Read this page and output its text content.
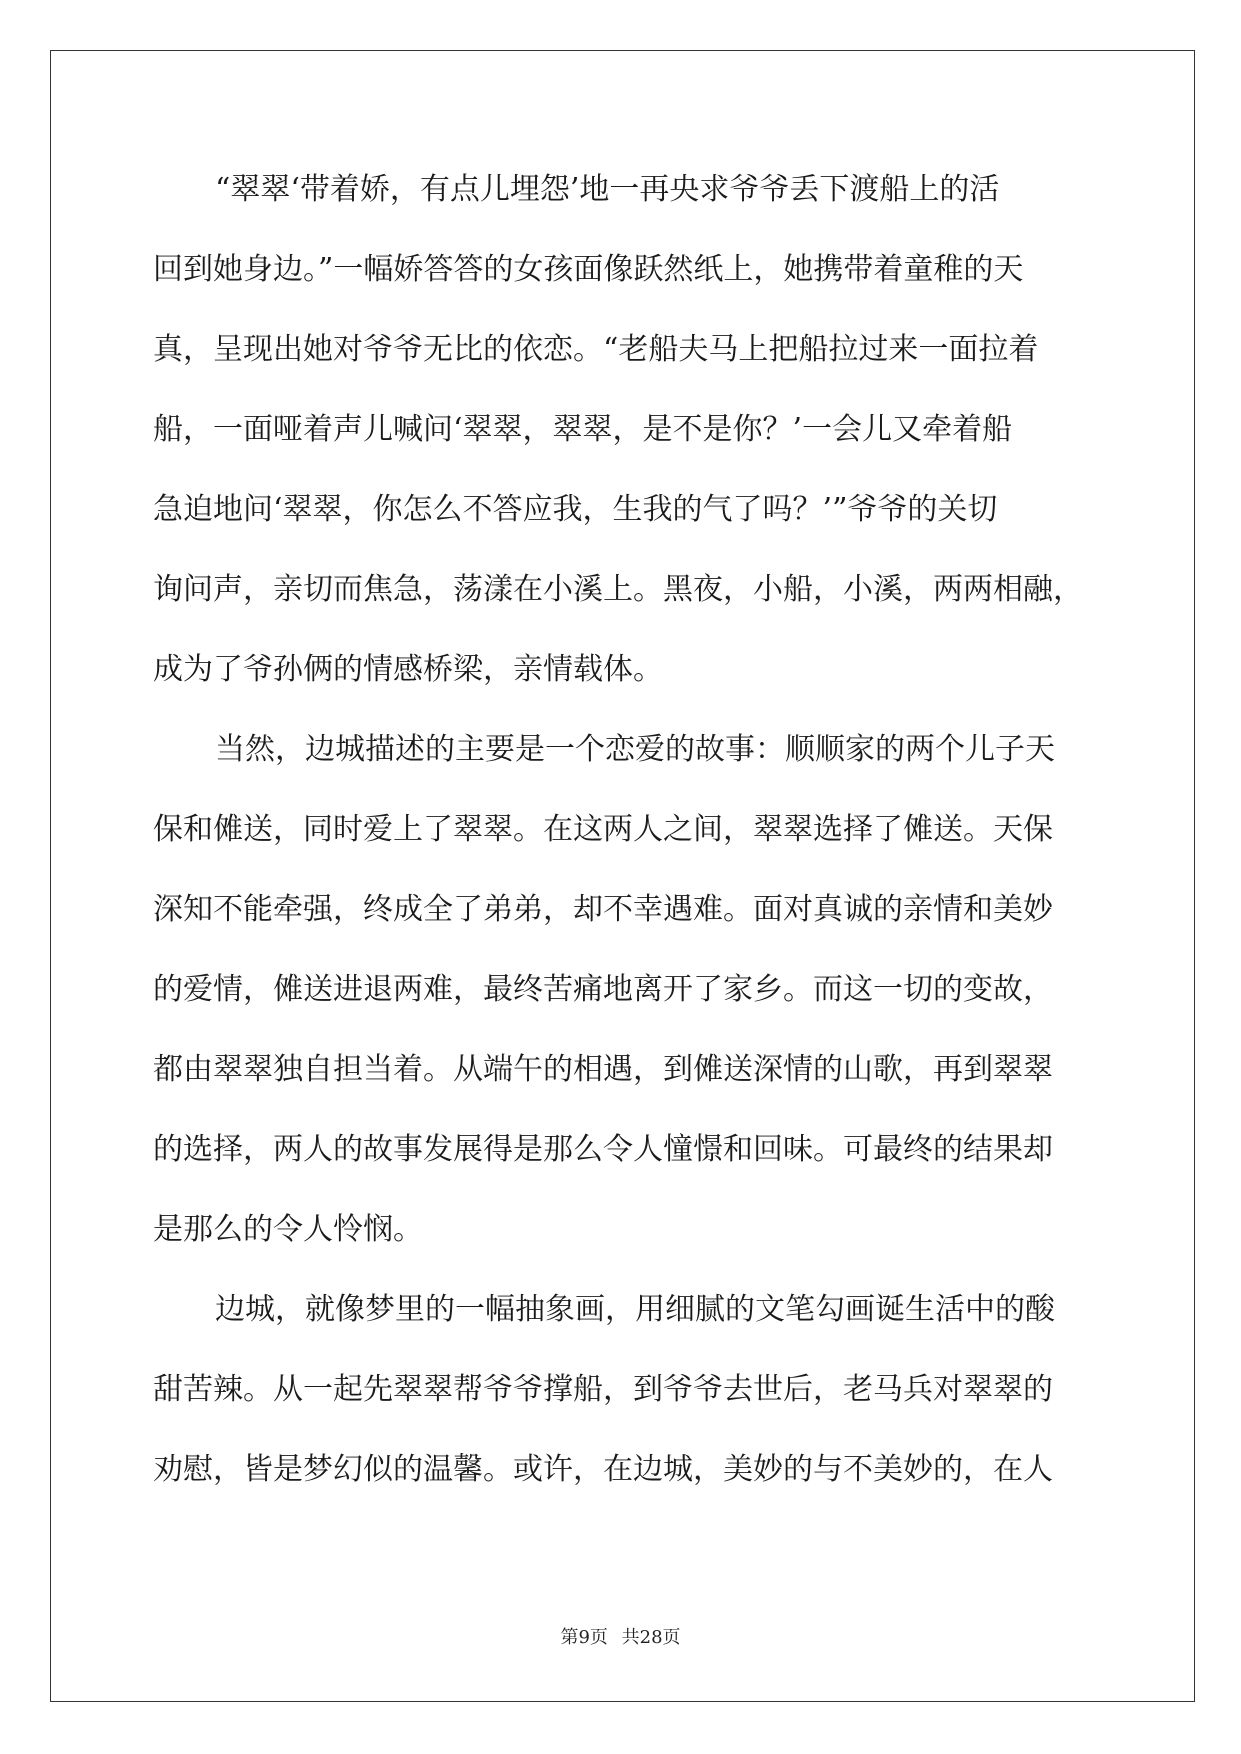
“翠翠‘带着娇，有点儿埋怨’地一再央求爷爷丢下渡船上的活
回到她身边。”一幅娇答答的女孩面像跃然纸上，她携带着童稚的天
真，呈现出她对爷爷无比的依恋。“老船夫马上把船拉过来一面拉着
船，一面哑着声儿喊问‘翠翠，翠翠，是不是你？’一会儿又牵着船
急迫地问‘翠翠，你怎么不答应我，生我的气了吗？’”爷爷的关切
询问声，亲切而焦急，荡漾在小溪上。黑夜，小船，小溪，两两相融，
成为了爷孙俩的情感桥梁，亲情载体。
当然，边城描述的主要是一个恋爱的故事：顺顺家的两个儿子天
保和傩送，同时爱上了翠翠。在这两人之间，翠翠选择了傩送。天保
深知不能牵强，终成全了弟弟，却不幸遇难。面对真诚的亲情和美妙
的爱情，傩送进退两难，最终苦痛地离开了家乡。而这一切的变故，
都由翠翠独自担当着。从端午的相遇，到傩送深情的山歌，再到翠翠
的选择，两人的故事发展得是那么令人憧憬和回味。可最终的结果却
是那么的令人怜悯。
边城，就像梦里的一幅抽象画，用细腻的文笔勾画诞生活中的酸
甜苦辣。从一起先翠翠帮爷爷撑船，到爷爷去世后，老马兵对翠翠的
劝慰，皆是梦幻似的温馨。或许，在边城，美妙的与不美妙的，在人
第9页 共28页
